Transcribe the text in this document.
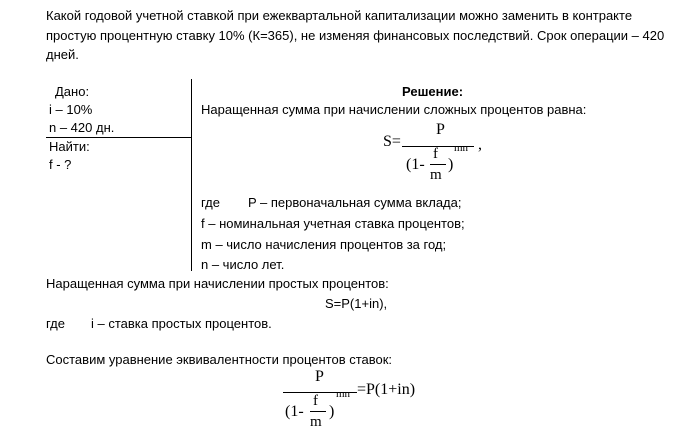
Какой годовой учетной ставкой при ежеквартальной капитализации можно заменить в контракте простую процентную ставку 10% (К=365), не изменяя финансовых последствий. Срок операции – 420 дней.
Дано:
i – 10%
n – 420 дн.
Найти:
f - ?
Решение:
Наращенная сумма при начислении сложных процентов равна:
S=
P
(1-
f
m
)
mn ,
где P – первоначальная сумма вклада;
f – номинальная учетная ставка процентов;
m – число начисления процентов за год;
n – число лет.
Наращенная сумма при начислении простых процентов:
S=P(1+in),
где i – ставка простых процентов.
Составим уравнение эквивалентности процентов ставок:
P
(1-
f
m
)
mn =P(1+in)
